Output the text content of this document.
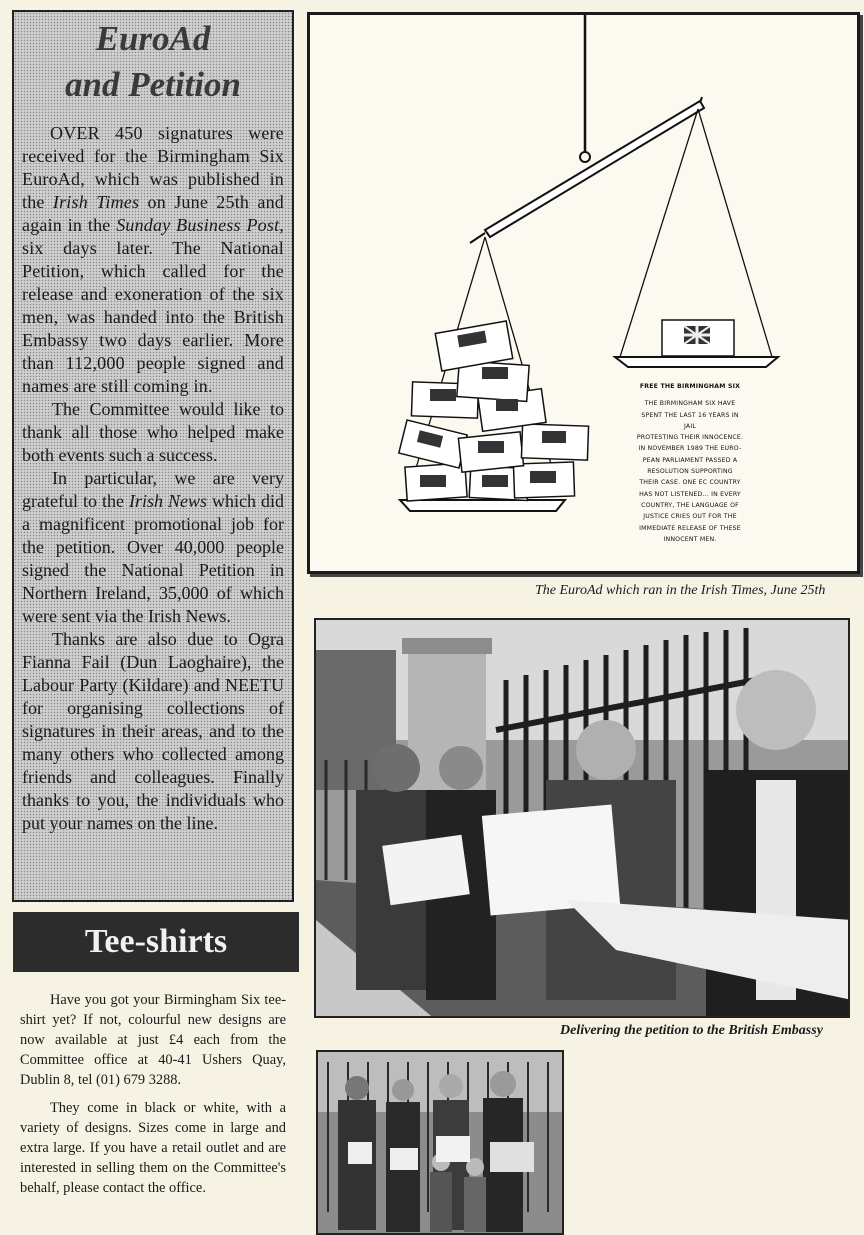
EuroAd
and Petition

OVER 450 signatures were received for the Birmingham Six EuroAd, which was published in the Irish Times on June 25th and again in the Sunday Business Post, six days later. The National Petition, which called for the release and exoneration of the six men, was handed into the British Embassy two days earlier. More than 112,000 people signed and names are still coming in.

The Committee would like to thank all those who helped make both events such a success.

In particular, we are very grateful to the Irish News which did a magnificent promotional job for the petition. Over 40,000 people signed the National Petition in Northern Ireland, 35,000 of which were sent via the Irish News.

Thanks are also due to Ogra Fianna Fail (Dun Laoghaire), the Labour Party (Kildare) and NEETU for organising collections of signatures in their areas, and to the many others who collected among friends and colleagues. Finally thanks to you, the individuals who put your names on the line.

Tee-shirts

Have you got your Birmingham Six tee-shirt yet? If not, colourful new designs are now available at just £4 each from the Committee office at 40-41 Ushers Quay, Dublin 8, tel (01) 679 3288.

They come in black or white, with a variety of designs. Sizes come in large and extra large. If you have a retail outlet and are interested in selling them on the Committee's behalf, please contact the office.

FREE THE BIRMINGHAM SIX
THE BIRMINGHAM SIX HAVE
SPENT THE LAST 16 YEARS IN JAIL
PROTESTING THEIR INNOCENCE.
IN NOVEMBER 1989 THE EURO-
PEAN PARLIAMENT PASSED A
RESOLUTION SUPPORTING
THEIR CASE. ONE EC COUNTRY
HAS NOT LISTENED... IN EVERY
COUNTRY, THE LANGUAGE OF
JUSTICE CRIES OUT FOR THE
IMMEDIATE RELEASE OF THESE
INNOCENT MEN.
The EuroAd which ran in the Irish Times, June 25th
Delivering the petition to the British Embassy
